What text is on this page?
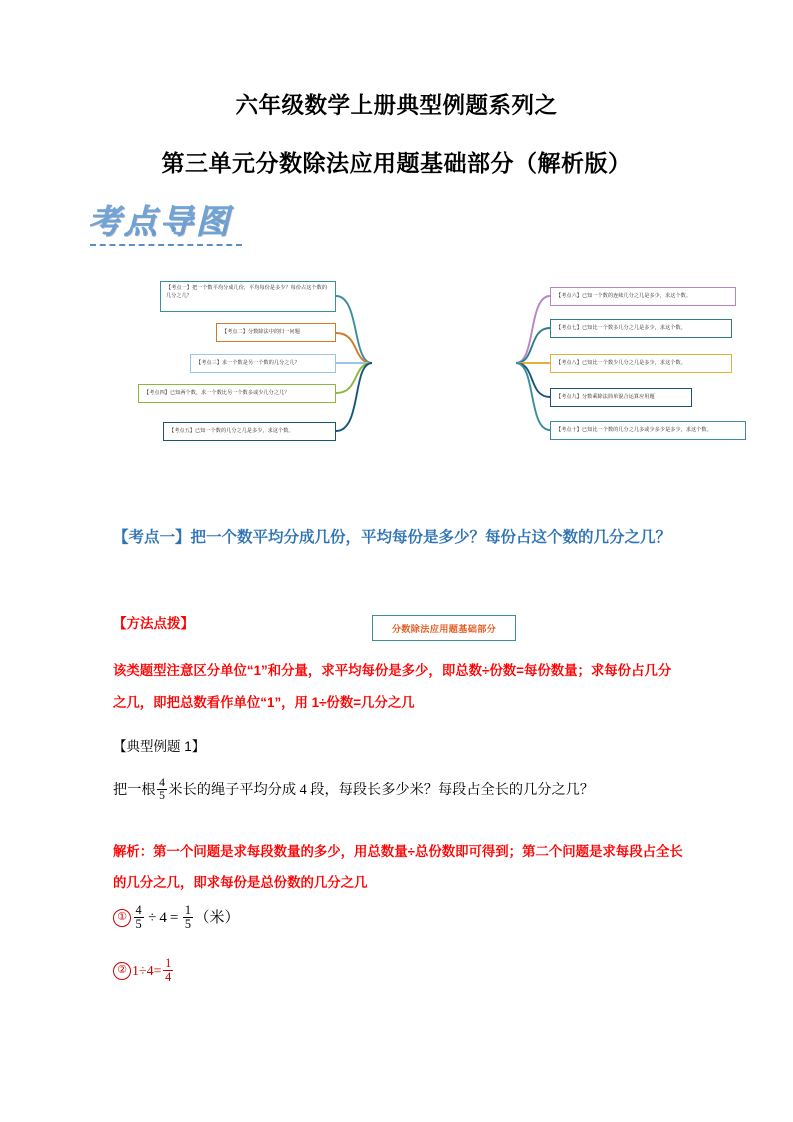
六年级数学上册典型例题系列之
第三单元分数除法应用题基础部分（解析版）
考点导图
【考点一】把一个数平均分成几份，平均每份是多少？每份占这个数的几分之几？
【考点二】分数除法中的归一问题
【考点三】求一个数是另一个数的几分之几？
【考点四】已知两个数，求一个数比另一个数多或少几分之几？
【考点五】已知一个数的几分之几是多少，求这个数。
分数除法应用题基础部分
【考点六】已知一个数的连续几分之几是多少，求这个数。
【考点七】已知比一个数多几分之几是多少，求这个数。
【考点八】已知比一个数少几分之几是多少，求这个数。
【考点九】分数乘除法简单混合运算应用题
【考点十】已知比一个数的几分之几多或少多少是多少，求这个数。
【考点一】把一个数平均分成几份，平均每份是多少？每份占这个数的几分之几？
【方法点拨】
该类题型注意区分单位“1”和分量，求平均每份是多少，即总数÷份数=每份数量；求每份占几分之几，即把总数看作单位“1”，用 1÷份数=几分之几
【典型例题 1】
把一根 $\frac{4}{5}$ 米长的绳子平均分成 4 段，每段长多少米？每段占全长的几分之几？
解析：第一个问题是求每段数量的多少，用总数量÷总份数即可得到；第二个问题是求每段占全长的几分之几，即求每份是总份数的几分之几
① $\frac{4}{5} \div 4 = \frac{1}{5}$ （米）
② $1\div 4= \frac{1}{4}$
